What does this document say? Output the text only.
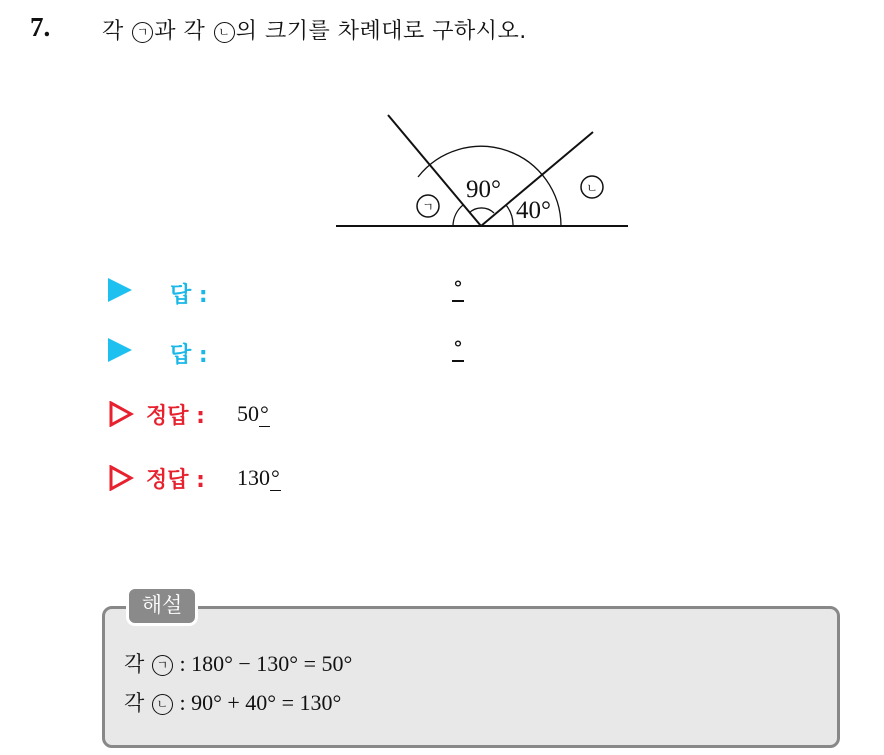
7. 각 ㄱ 과 각 ㄴ 의 크기를 차례대로 구하시오.
90°
40°
ㄱ
ㄴ
답 :	°
답 :	°
정답 : 50°
정답 : 130°
해설
각 ㄱ : 180° − 130° = 50°
각 ㄴ : 90° + 40° = 130°
